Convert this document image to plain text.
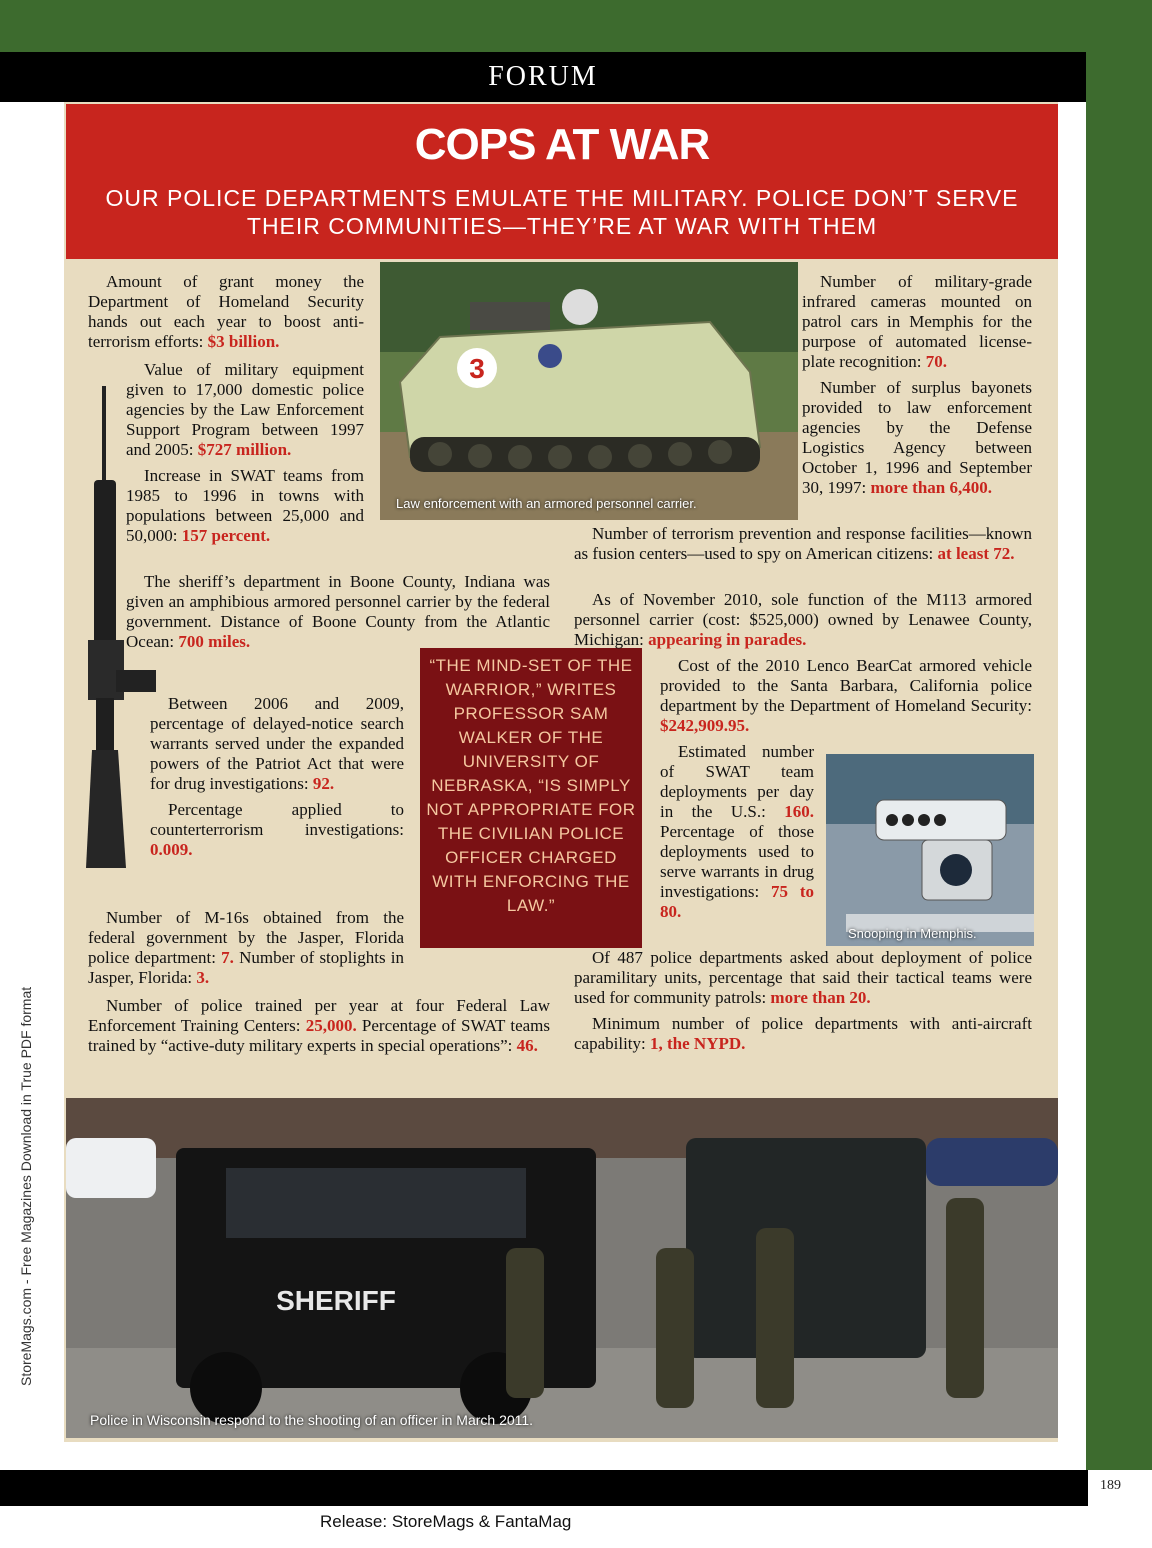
FORUM
COPS AT WAR

OUR POLICE DEPARTMENTS EMULATE THE MILITARY. POLICE DON’T SERVE THEIR COMMUNITIES—THEY’RE AT WAR WITH THEM

3
Law enforcement with an armored personnel carrier.

Amount of grant money the Department of Homeland Security hands out each year to boost anti-terrorism efforts: $3 billion.

Value of military equipment given to 17,000 domestic police agencies by the Law Enforcement Support Program between 1997 and 2005: $727 million.

Increase in SWAT teams from 1985 to 1996 in towns with populations between 25,000 and 50,000: 157 percent.

The sheriff’s department in Boone County, Indiana was given an amphibious armored personnel carrier by the federal government. Distance of Boone County from the Atlantic Ocean: 700 miles.

Between 2006 and 2009, percentage of delayed-notice search warrants served under the expanded powers of the Patriot Act that were for drug investigations: 92.

Percentage applied to counterterrorism investigations: 0.009.

Number of M-16s obtained from the federal government by the Jasper, Florida police department: 7. Number of stoplights in Jasper, Florida: 3.

Number of police trained per year at four Federal Law Enforcement Training Centers: 25,000. Percentage of SWAT teams trained by “active-duty military experts in special operations”: 46.

“THE MIND-SET OF THE WARRIOR,” WRITES PROFESSOR SAM WALKER OF THE UNIVERSITY OF NEBRASKA, “IS SIMPLY NOT APPROPRIATE FOR THE CIVILIAN POLICE OFFICER CHARGED WITH ENFORCING THE LAW.”

Number of military-grade infrared cameras mounted on patrol cars in Memphis for the purpose of automated license-plate recognition: 70.

Number of surplus bayonets provided to law enforcement agencies by the Defense Logistics Agency between October 1, 1996 and September 30, 1997: more than 6,400.

Number of terrorism prevention and response facilities—known as fusion centers—used to spy on American citizens: at least 72.

As of November 2010, sole function of the M113 armored personnel carrier (cost: $525,000) owned by Lenawee County, Michigan: appearing in parades.

Cost of the 2010 Lenco BearCat armored vehicle provided to the Santa Barbara, California police department by the Department of Homeland Security: $242,909.95.

Estimated number of SWAT team deployments per day in the U.S.: 160. Percentage of those deployments used to serve warrants in drug investigations: 75 to 80.

Of 487 police departments asked about deployment of police paramilitary units, percentage that said their tactical teams were used for community patrols: more than 20.

Minimum number of police departments with anti-aircraft capability: 1, the NYPD.

Snooping in Memphis.
SHERIFF
Police in Wisconsin respond to the shooting of an officer in March 2011.
189
Release: StoreMags & FantaMag
StoreMags.com - Free Magazines Download in True PDF format
